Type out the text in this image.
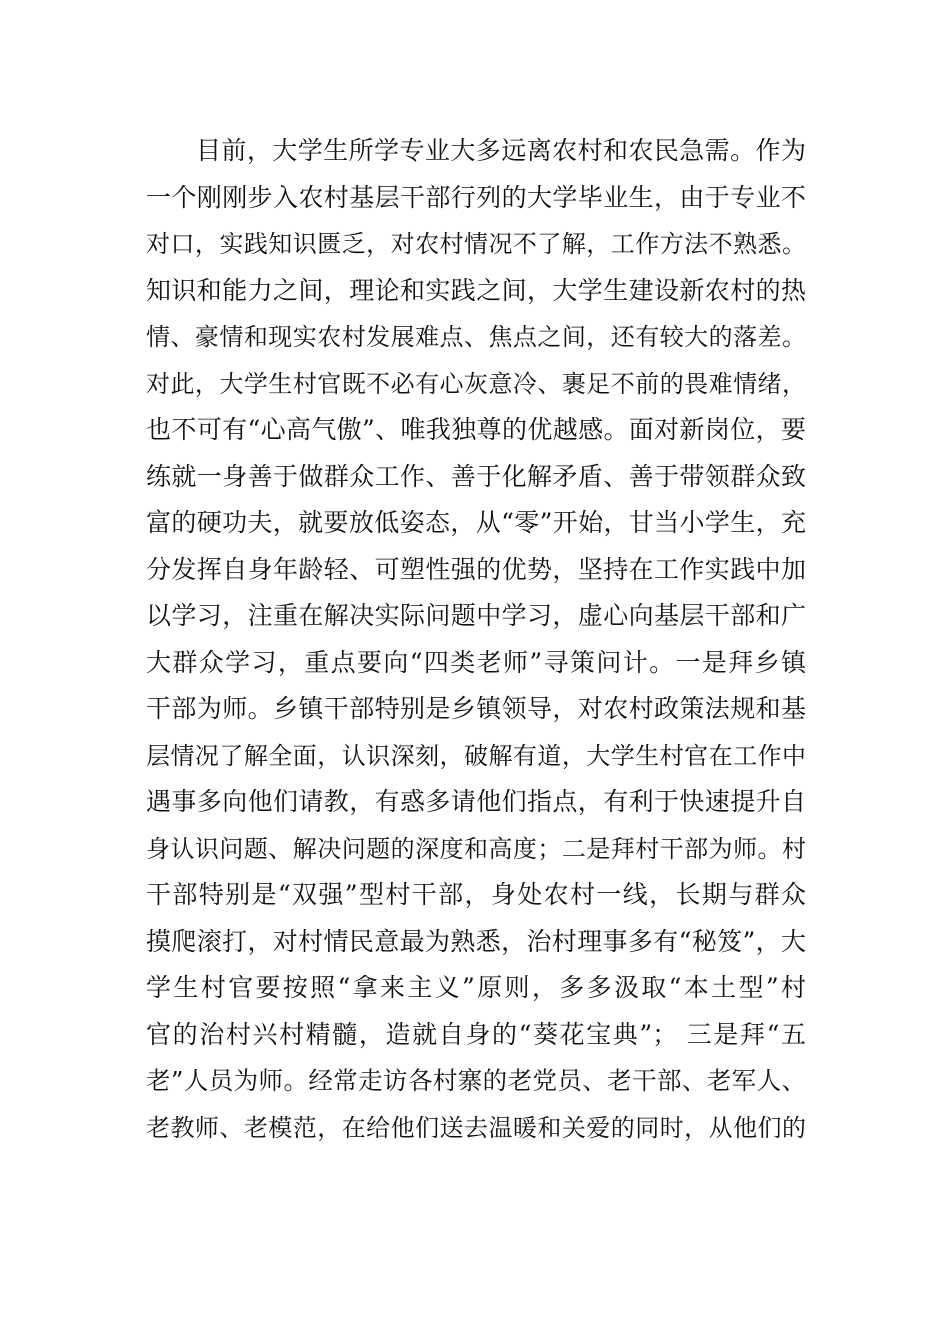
目前，大学生所学专业大多远离农村和农民急需。作为
一个刚刚步入农村基层干部行列的大学毕业生，由于专业不
对口，实践知识匮乏，对农村情况不了解，工作方法不熟悉。
知识和能力之间，理论和实践之间，大学生建设新农村的热
情、豪情和现实农村发展难点、焦点之间，还有较大的落差。
对此，大学生村官既不必有心灰意冷、裹足不前的畏难情绪，
也不可有“心高气傲”、唯我独尊的优越感。面对新岗位，要
练就一身善于做群众工作、善于化解矛盾、善于带领群众致
富的硬功夫，就要放低姿态，从“零”开始，甘当小学生，充
分发挥自身年龄轻、可塑性强的优势，坚持在工作实践中加
以学习，注重在解决实际问题中学习，虚心向基层干部和广
大群众学习，重点要向“四类老师”寻策问计。一是拜乡镇
干部为师。乡镇干部特别是乡镇领导，对农村政策法规和基
层情况了解全面，认识深刻，破解有道，大学生村官在工作中
遇事多向他们请教，有惑多请他们指点，有利于快速提升自
身认识问题、解决问题的深度和高度；二是拜村干部为师。村
干部特别是“双强”型村干部，身处农村一线，长期与群众
摸爬滚打，对村情民意最为熟悉，治村理事多有“秘笈”，大
学生村官要按照“拿来主义”原则，多多汲取“本土型”村
官的治村兴村精髓，造就自身的“葵花宝典”； 三是拜“五
老”人员为师。经常走访各村寨的老党员、老干部、老军人、
老教师、老模范，在给他们送去温暖和关爱的同时，从他们的
